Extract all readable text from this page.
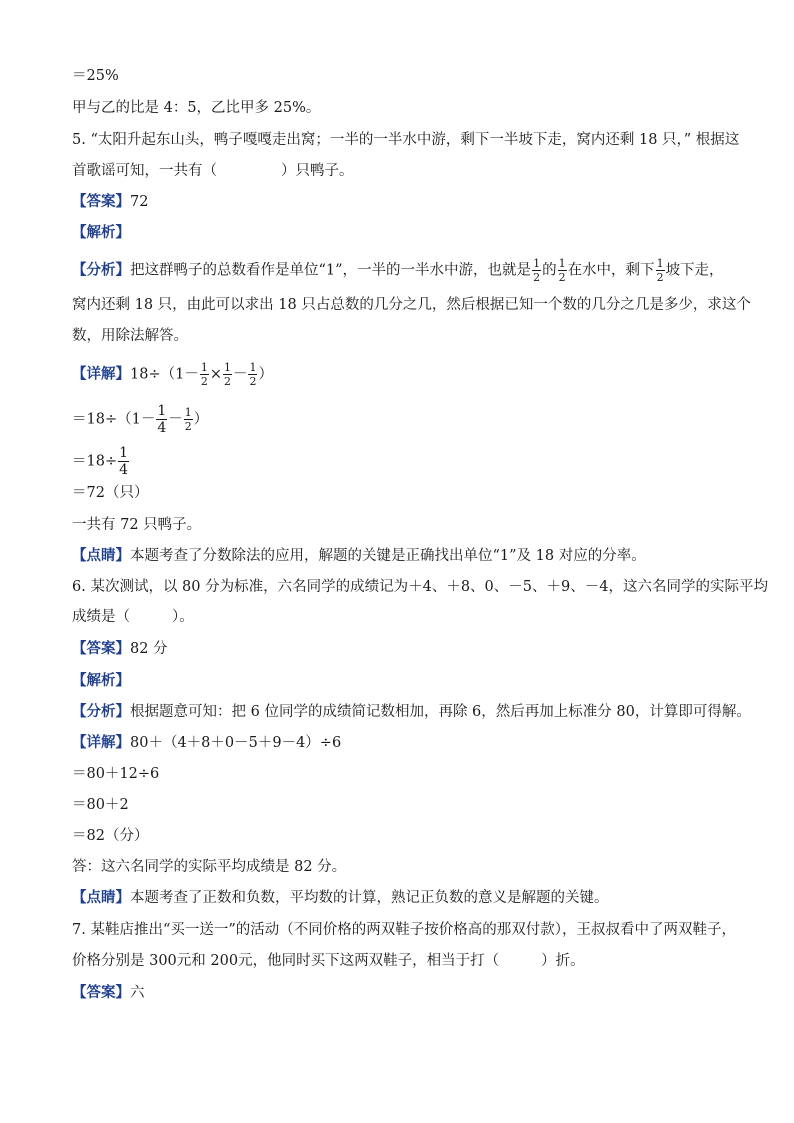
＝25%
甲与乙的比是 4：5，乙比甲多 25%。
5. “太阳升起东山头，鸭子嘎嘎走出窝；一半的一半水中游，剩下一半坡下走，窝内还剩 18 只，” 根据这
首歌谣可知，一共有（	）只鸭子。
【答案】72
【解析】
【分析】把这群鸭子的总数看作是单位“1”，一半的一半水中游，也就是 $\frac{1}{2}$ 的 $\frac{1}{2}$ 在水中，剩下 $\frac{1}{2}$ 坡下走，
窝内还剩 18 只，由此可以求出 18 只占总数的几分之几，然后根据已知一个数的几分之几是多少，求这个
数，用除法解答。
【详解】$18\div(1- \frac{1}{2} \times \frac{1}{2} - \frac{1}{2}$ ）
$=18\div(1- \frac{1}{4} - \frac{1}{2}$ ）
$=18\div \frac{1}{4}$
＝72（只）
一共有 72 只鸭子。
【点睛】本题考查了分数除法的应用，解题的关键是正确找出单位“1”及 18 对应的分率。
6. 某次测试，以 80 分为标准，六名同学的成绩记为＋4、＋8、0、－5、＋9、－4，这六名同学的实际平均
成绩是（	）。
【答案】82 分
【解析】
【分析】根据题意可知：把 6 位同学的成绩简记数相加，再除 6，然后再加上标准分 80，计算即可得解。
【详解】80＋（4＋8＋0－5＋9－4）÷6
＝80＋12÷6
＝80＋2
＝82（分）
答：这六名同学的实际平均成绩是 82 分。
【点睛】本题考查了正数和负数，平均数的计算，熟记正负数的意义是解题的关键。
7. 某鞋店推出“买一送一”的活动（不同价格的两双鞋子按价格高的那双付款），王叔叔看中了两双鞋子，
价格分别是 300元和 200元，他同时买下这两双鞋子，相当于打（	）折。
【答案】六
